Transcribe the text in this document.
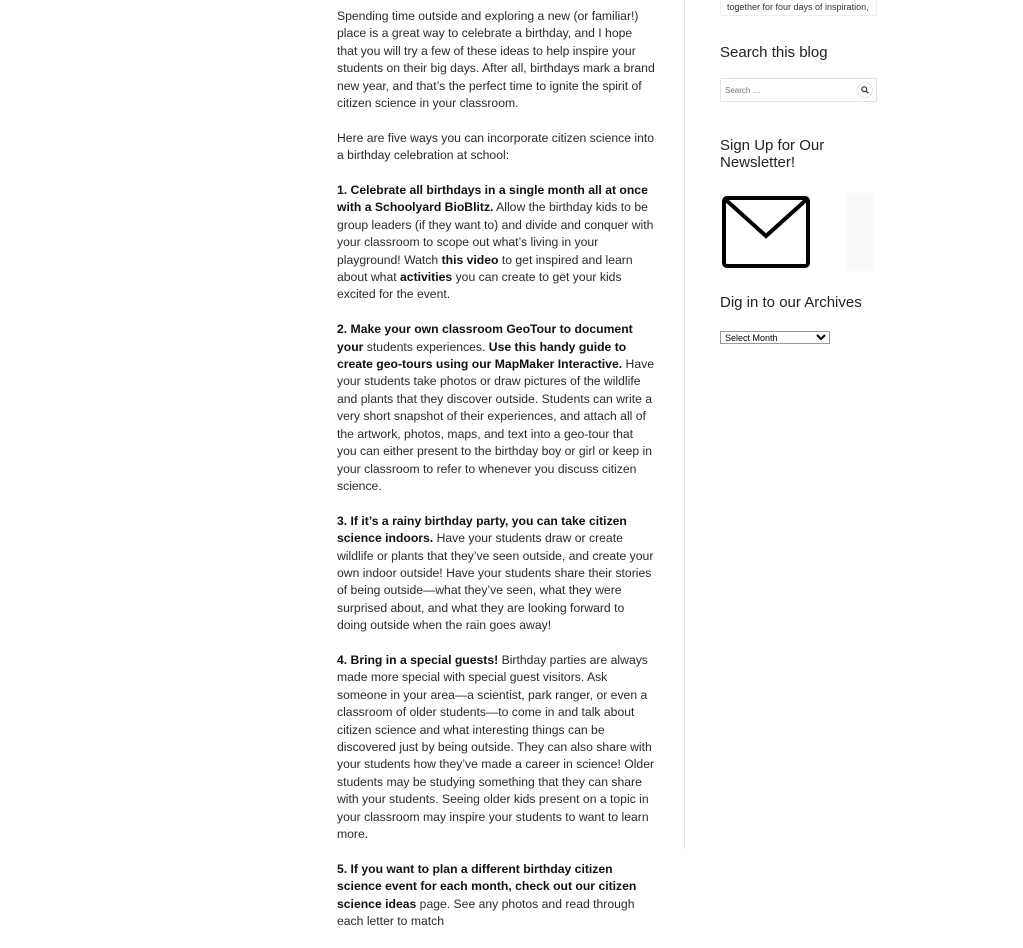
Spending time outside and exploring a new (or familiar!) place is a great way to celebrate a birthday, and I hope that you will try a few of these ideas to help inspire your students on their big days. After all, birthdays mark a brand new year, and that’s the perfect time to ignite the spirit of citizen science in your classroom.

Here are five ways you can incorporate citizen science into a birthday celebration at school:

1. Celebrate all birthdays in a single month all at once with a Schoolyard BioBlitz. Allow the birthday kids to be group leaders (if they want to) and divide and conquer with your classroom to scope out what’s living in your playground! Watch this video to get inspired and learn about what activities you can create to get your kids excited for the event.

2. Make your own classroom GeoTour to document your students experiences. Use this handy guide to create geo-tours using our MapMaker Interactive. Have your students take photos or draw pictures of the wildlife and plants that they discover outside. Students can write a very short snapshot of their experiences, and attach all of the artwork, photos, maps, and text into a geo-tour that you can either present to the birthday boy or girl or keep in your classroom to refer to whenever you discuss citizen science.

3. If it’s a rainy birthday party, you can take citizen science indoors. Have your students draw or create wildlife or plants that they’ve seen outside, and create your own indoor outside! Have your students share their stories of being outside—what they’ve seen, what they were surprised about, and what they are looking forward to doing outside when the rain goes away!

4. Bring in a special guests! Birthday parties are always made more special with special guest visitors. Ask someone in your area—a scientist, park ranger, or even a classroom of older students—to come in and talk about citizen science and what interesting things can be discovered just by being outside. They can also share with your students how they’ve made a career in science! Older students may be studying something that they can share with your students. Seeing older kids present on a topic in your classroom may inspire your students to want to learn more.

5. If you want to plan a different birthday citizen science event for each month, check out our citizen science ideas page. See any photos and read through each letter to match

together for four days of inspiration,
Search this blog
Search …
Sign Up for Our Newsletter!
Dig in to our Archives
Select Month
